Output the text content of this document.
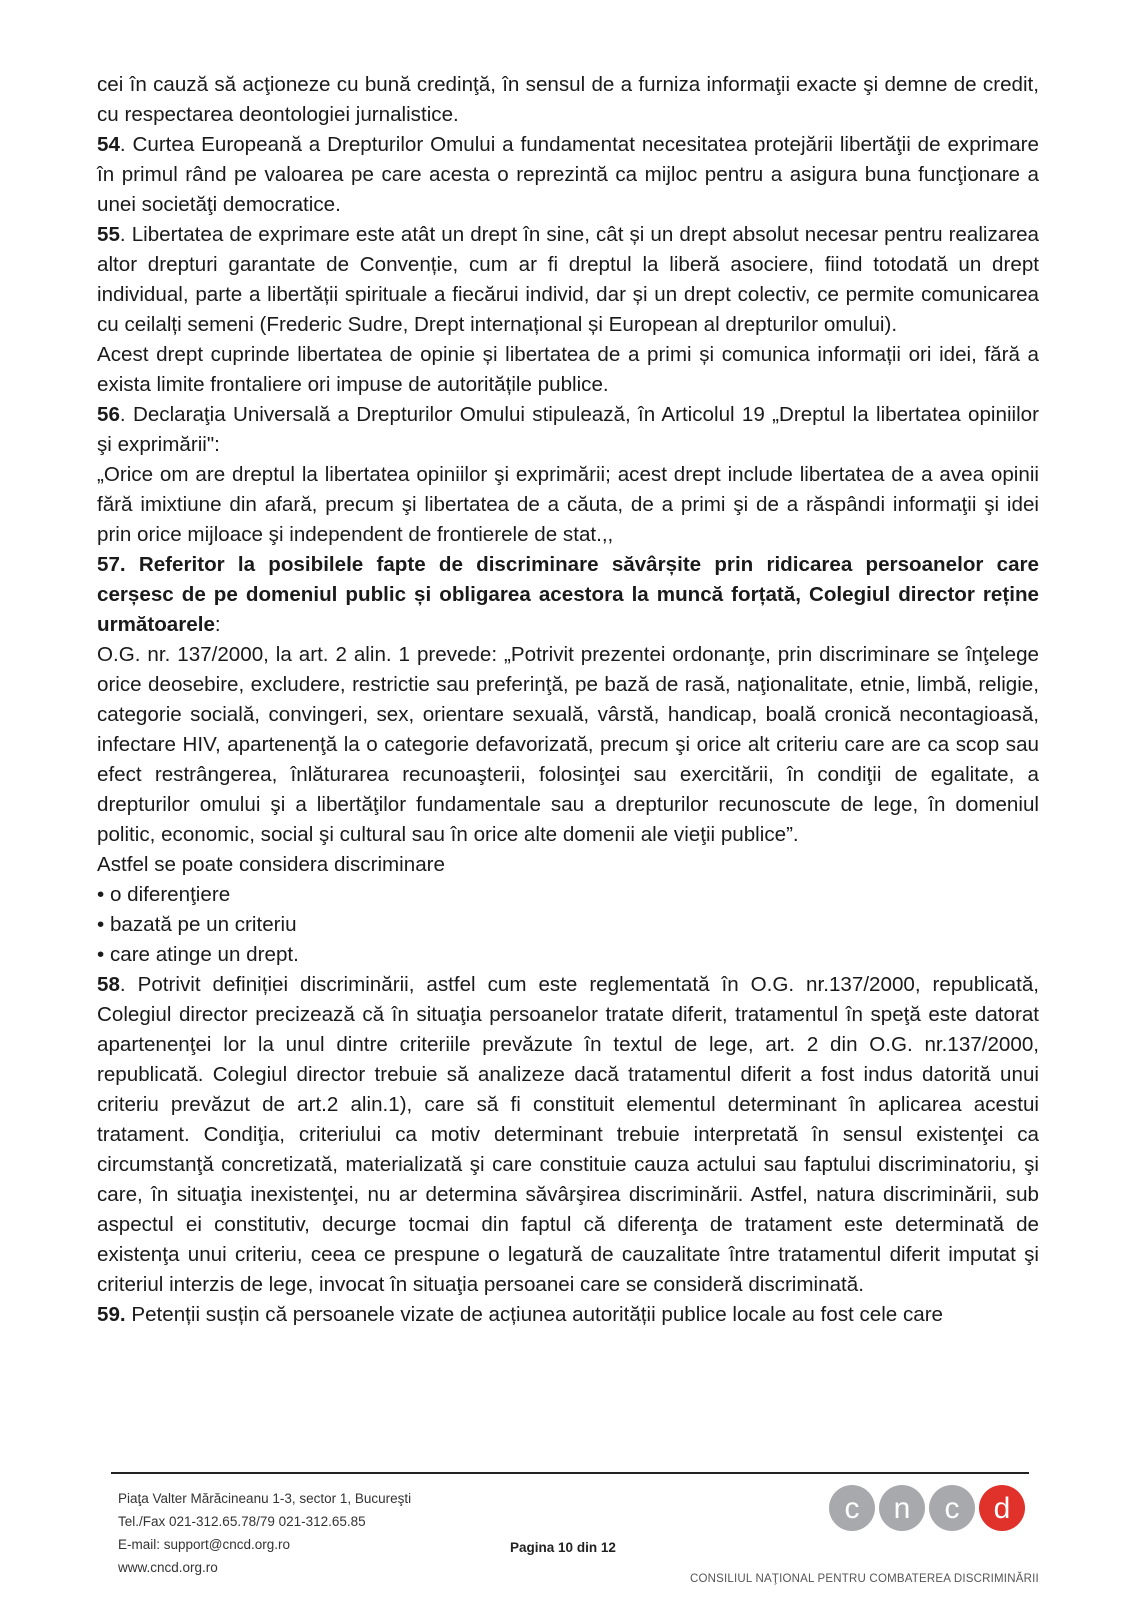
cei în cauză să acţioneze cu bună credinţă, în sensul de a furniza informaţii exacte şi demne de credit, cu respectarea deontologiei jurnalistice.

54. Curtea Europeană a Drepturilor Omului a fundamentat necesitatea protejării libertăţii de exprimare în primul rând pe valoarea pe care acesta o reprezintă ca mijloc pentru a asigura buna funcţionare a unei societăţi democratice.

55. Libertatea de exprimare este atât un drept în sine, cât și un drept absolut necesar pentru realizarea altor drepturi garantate de Convenție, cum ar fi dreptul la liberă asociere, fiind totodată un drept individual, parte a libertății spirituale a fiecărui individ, dar și un drept colectiv, ce permite comunicarea cu ceilalți semeni (Frederic Sudre, Drept internațional și European al drepturilor omului).

Acest drept cuprinde libertatea de opinie și libertatea de a primi și comunica informații ori idei, fără a exista limite frontaliere ori impuse de autoritățile publice.

56. Declaraţia Universală a Drepturilor Omului stipulează, în Articolul 19 „Dreptul la libertatea opiniilor şi exprimării":

„Orice om are dreptul la libertatea opiniilor şi exprimării; acest drept include libertatea de a avea opinii fără imixtiune din afară, precum şi libertatea de a căuta, de a primi şi de a răspândi informaţii şi idei prin orice mijloace şi independent de frontierele de stat.,,

57. Referitor la posibilele fapte de discriminare săvârșite prin ridicarea persoanelor care cerșesc de pe domeniul public și obligarea acestora la muncă forțată, Colegiul director reține următoarele:

O.G. nr. 137/2000, la art. 2 alin. 1 prevede: „Potrivit prezentei ordonanţe, prin discriminare se înţelege orice deosebire, excludere, restrictie sau preferinţă, pe bază de rasă, naţionalitate, etnie, limbă, religie, categorie socială, convingeri, sex, orientare sexuală, vârstă, handicap, boală cronică necontagioasă, infectare HIV, apartenenţă la o categorie defavorizată, precum şi orice alt criteriu care are ca scop sau efect restrângerea, înlăturarea recunoaşterii, folosinţei sau exercitării, în condiţii de egalitate, a drepturilor omului şi a libertăţilor fundamentale sau a drepturilor recunoscute de lege, în domeniul politic, economic, social şi cultural sau în orice alte domenii ale vieţii publice”.

Astfel se poate considera discriminare

• o diferenţiere

• bazată pe un criteriu

• care atinge un drept.

58. Potrivit definiției discriminării, astfel cum este reglementată în O.G. nr.137/2000, republicată, Colegiul director precizează că în situaţia persoanelor tratate diferit, tratamentul în speţă este datorat apartenenţei lor la unul dintre criteriile prevăzute în textul de lege, art. 2 din O.G. nr.137/2000, republicată. Colegiul director trebuie să analizeze dacă tratamentul diferit a fost indus datorită unui criteriu prevăzut de art.2 alin.1), care să fi constituit elementul determinant în aplicarea acestui tratament. Condiţia, criteriului ca motiv determinant trebuie interpretată în sensul existenţei ca circumstanţă concretizată, materializată şi care constituie cauza actului sau faptului discriminatoriu, şi care, în situaţia inexistenţei, nu ar determina săvârşirea discriminării. Astfel, natura discriminării, sub aspectul ei constitutiv, decurge tocmai din faptul că diferenţa de tratament este determinată de existenţa unui criteriu, ceea ce prespune o legatură de cauzalitate între tratamentul diferit imputat şi criteriul interzis de lege, invocat în situaţia persoanei care se consideră discriminată.

59. Petenții susțin că persoanele vizate de acțiunea autorității publice locale au fost cele care

Piaţa Valter Mărăcineanu 1-3, sector 1, Bucureşti
Tel./Fax 021-312.65.78/79 021-312.65.85
E-mail: support@cncd.org.ro
www.cncd.org.ro
Pagina 10 din 12
c n c d
CONSILIUL NAŢIONAL PENTRU COMBATEREA DISCRIMINĂRII
